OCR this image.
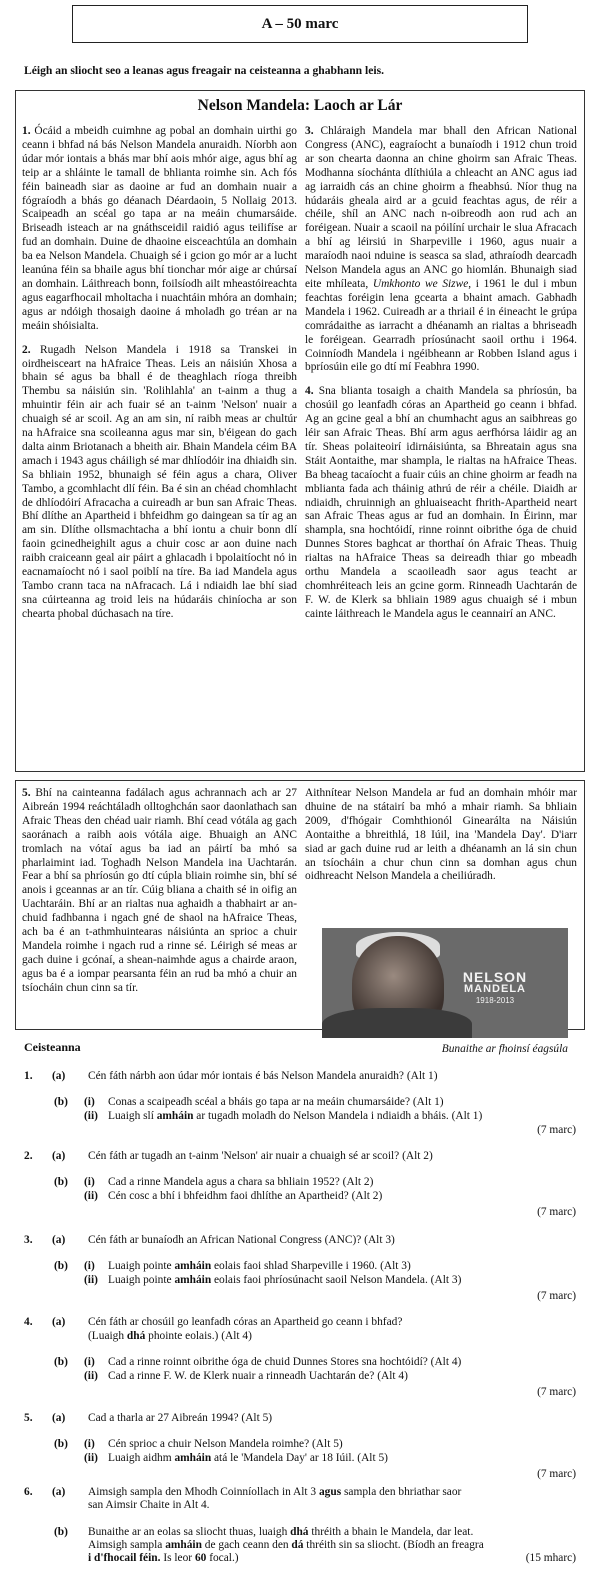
A – 50 marc
Léigh an sliocht seo a leanas agus freagair na ceisteanna a ghabhann leis.
Nelson Mandela: Laoch ar Lár

1. Ócáid a mbeidh cuimhne ag pobal an domhain uirthi go ceann i bhfad ná bás Nelson Mandela anuraidh. Níorbh aon údar mór iontais a bhás mar bhí aois mhór aige, agus bhí ag teip ar a shláinte le tamall de bhlianta roimhe sin. Ach fós féin baineadh siar as daoine ar fud an domhain nuair a fógraíodh a bhás go déanach Déardaoin, 5 Nollaig 2013. Scaipeadh an scéal go tapa ar na meáin chumarsáide. Briseadh isteach ar na gnáthsceidil raidió agus teilifíse ar fud an domhain. Duine de dhaoine eisceachtúla an domhain ba ea Nelson Mandela. Chuaigh sé i gcion go mór ar a lucht leanúna féin sa bhaile agus bhí tionchar mór aige ar chúrsaí an domhain. Láithreach bonn, foilsíodh ailt mheastóireachta agus eagarfhocail mholtacha i nuachtáin mhóra an domhain; agus ar ndóigh thosaigh daoine á mholadh go tréan ar na meáin shóisialta.

2. Rugadh Nelson Mandela i 1918 sa Transkei in oirdheisceart na hAfraice Theas. Leis an náisiún Xhosa a bhain sé agus ba bhall é de theaghlach ríoga threibh Thembu sa náisiún sin. 'Rolihlahla' an t-ainm a thug a mhuintir féin air ach fuair sé an t-ainm 'Nelson' nuair a chuaigh sé ar scoil. Ag an am sin, ní raibh meas ar chultúr na hAfraice sna scoileanna agus mar sin, b'éigean do gach dalta ainm Briotanach a bheith air. Bhain Mandela céim BA amach i 1943 agus cháiligh sé mar dhlíodóir ina dhiaidh sin. Sa bhliain 1952, bhunaigh sé féin agus a chara, Oliver Tambo, a gcomhlacht dlí féin. Ba é sin an chéad chomhlacht de dhlíodóirí Afracacha a cuireadh ar bun san Afraic Theas. Bhí dlíthe an Apartheid i bhfeidhm go daingean sa tír ag an am sin. Dlíthe ollsmachtacha a bhí iontu a chuir bonn dlí faoin gcinedheighilt agus a chuir cosc ar aon duine nach raibh craiceann geal air páirt a ghlacadh i bpolaitíocht nó in eacnamaíocht nó i saol poiblí na tíre. Ba iad Mandela agus Tambo crann taca na nAfracach. Lá i ndiaidh lae bhí siad sna cúirteanna ag troid leis na húdaráis chiníocha ar son chearta phobal dúchasach na tíre.

3. Chláraigh Mandela mar bhall den African National Congress (ANC), eagraíocht a bunaíodh i 1912 chun troid ar son chearta daonna an chine ghoirm san Afraic Theas. Modhanna síochánta dlíthiúla a chleacht an ANC agus iad ag iarraidh cás an chine ghoirm a fheabhsú. Níor thug na húdaráis gheala aird ar a gcuid feachtas agus, de réir a chéile, shíl an ANC nach n-oibreodh aon rud ach an foréigean. Nuair a scaoil na póilíní urchair le slua Afracach a bhí ag léirsiú in Sharpeville i 1960, agus nuair a maraíodh naoi nduine is seasca sa slad, athraíodh dearcadh Nelson Mandela agus an ANC go hiomlán. Bhunaigh siad eite mhíleata, Umkhonto we Sizwe, i 1961 le dul i mbun feachtas foréigin lena gcearta a bhaint amach. Gabhadh Mandela i 1962. Cuireadh ar a thriail é in éineacht le grúpa comrádaithe as iarracht a dhéanamh an rialtas a bhriseadh le foréigean. Gearradh príosúnacht saoil orthu i 1964. Coinníodh Mandela i ngéibheann ar Robben Island agus i bpríosúin eile go dtí mí Feabhra 1990.

4. Sna blianta tosaigh a chaith Mandela sa phríosún, ba chosúil go leanfadh córas an Apartheid go ceann i bhfad. Ag an gcine geal a bhí an chumhacht agus an saibhreas go léir san Afraic Theas. Bhí arm agus aerfhórsa láidir ag an tír. Sheas polaiteoirí idirnáisiúnta, sa Bhreatain agus sna Stáit Aontaithe, mar shampla, le rialtas na hAfraice Theas. Ba bheag tacaíocht a fuair cúis an chine ghoirm ar feadh na mblianta fada ach tháinig athrú de réir a chéile. Diaidh ar ndiaidh, chruinnigh an ghluaiseacht fhrith-Apartheid neart san Afraic Theas agus ar fud an domhain. In Éirinn, mar shampla, sna hochtóidí, rinne roinnt oibrithe óga de chuid Dunnes Stores baghcat ar thorthaí ón Afraic Theas. Thuig rialtas na hAfraice Theas sa deireadh thiar go mbeadh orthu Mandela a scaoileadh saor agus teacht ar chomhréiteach leis an gcine gorm. Rinneadh Uachtarán de F. W. de Klerk sa bhliain 1989 agus chuaigh sé i mbun cainte láithreach le Mandela agus le ceannairí an ANC.

5. Bhí na cainteanna fadálach agus achrannach ach ar 27 Aibreán 1994 reáchtáladh olltoghchán saor daonlathach san Afraic Theas den chéad uair riamh. Bhí cead vótála ag gach saoránach a raibh aois vótála aige. Bhuaigh an ANC tromlach na vótaí agus ba iad an páirtí ba mhó sa pharlaimint iad. Toghadh Nelson Mandela ina Uachtarán. Fear a bhí sa phríosún go dtí cúpla bliain roimhe sin, bhí sé anois i gceannas ar an tír. Cúig bliana a chaith sé in oifig an Uachtaráin. Bhí ar an rialtas nua aghaidh a thabhairt ar an-chuid fadhbanna i ngach gné de shaol na hAfraice Theas, ach ba é an t-athmhuintearas náisiúnta an sprioc a chuir Mandela roimhe i ngach rud a rinne sé. Léirigh sé meas ar gach duine i gcónaí, a shean-naimhde agus a chairde araon, agus ba é a iompar pearsanta féin an rud ba mhó a chuir an tsíocháin chun cinn sa tír.

Aithnítear Nelson Mandela ar fud an domhain mhóir mar dhuine de na státairí ba mhó a mhair riamh. Sa bhliain 2009, d'fhógair Comhthionól Ginearálta na Náisiún Aontaithe a bhreithlá, 18 Iúil, ina 'Mandela Day'. D'iarr siad ar gach duine rud ar leith a dhéanamh an lá sin chun an tsíocháin a chur chun cinn sa domhan agus chun oidhreacht Nelson Mandela a cheiliúradh.

NELSON
MANDELA
1918-2013
Bunaithe ar fhoinsí éagsúla
Ceisteanna
1. (a) Cén fáth nárbh aon údar mór iontais é bás Nelson Mandela anuraidh? (Alt 1)
(b) (i) Conas a scaipeadh scéal a bháis go tapa ar na meáin chumarsáide? (Alt 1)
(ii) Luaigh slí amháin ar tugadh moladh do Nelson Mandela i ndiaidh a bháis. (Alt 1)
(7 marc)
2. (a) Cén fáth ar tugadh an t-ainm 'Nelson' air nuair a chuaigh sé ar scoil? (Alt 2)
(b) (i) Cad a rinne Mandela agus a chara sa bhliain 1952? (Alt 2)
(ii) Cén cosc a bhí i bhfeidhm faoi dhlíthe an Apartheid? (Alt 2)
(7 marc)
3. (a) Cén fáth ar bunaíodh an African National Congress (ANC)? (Alt 3)
(b) (i) Luaigh pointe amháin eolais faoi shlad Sharpeville i 1960. (Alt 3)
(ii) Luaigh pointe amháin eolais faoi phríosúnacht saoil Nelson Mandela. (Alt 3)
(7 marc)
4. (a) Cén fáth ar chosúil go leanfadh córas an Apartheid go ceann i bhfad?
(Luaigh dhá phointe eolais.) (Alt 4)
(b) (i) Cad a rinne roinnt oibrithe óga de chuid Dunnes Stores sna hochtóidí? (Alt 4)
(ii) Cad a rinne F. W. de Klerk nuair a rinneadh Uachtarán de? (Alt 4)
(7 marc)
5. (a) Cad a tharla ar 27 Aibreán 1994? (Alt 5)
(b) (i) Cén sprioc a chuir Nelson Mandela roimhe? (Alt 5)
(ii) Luaigh aidhm amháin atá le 'Mandela Day' ar 18 Iúil. (Alt 5)
(7 marc)
6. (a) Aimsigh sampla den Mhodh Coinníollach in Alt 3 agus sampla den bhriathar saor
san Aimsir Chaite in Alt 4.
(b) Bunaithe ar an eolas sa sliocht thuas, luaigh dhá thréith a bhain le Mandela, dar leat.
Aimsigh sampla amháin de gach ceann den dá thréith sin sa sliocht. (Bíodh an freagra
i d'fhocail féin. Is leor 60 focal.)	(15 mharc)
